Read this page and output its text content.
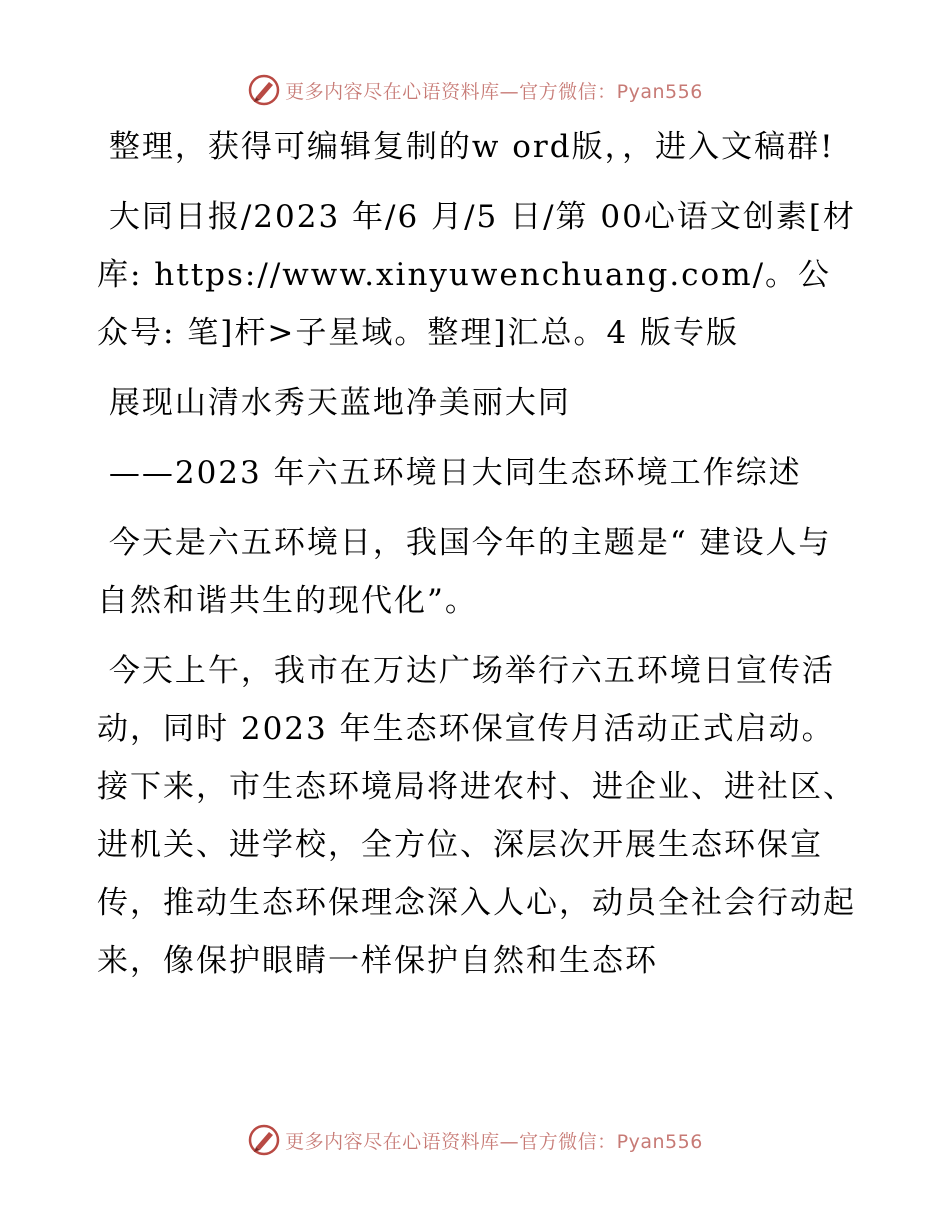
更多内容尽在心语资料库—官方微信：Pyan556

整理，获得可编辑复制的w ord版，，进入文稿群!

大同日报/2023 年/6 月/5 日/第 00心语文创素[材库: https://www.xinyuwenchuang.com/。公众号: 笔]杆>子星域。整理]汇总。4 版专版

展现山清水秀天蓝地净美丽大同

——2023 年六五环境日大同生态环境工作综述

今天是六五环境日，我国今年的主题是“ 建设人与自然和谐共生的现代化”。

今天上午，我市在万达广场举行六五环境日宣传活动，同时 2023 年生态环保宣传月活动正式启动。接下来，市生态环境局将进农村、进企业、进社区、进机关、进学校，全方位、深层次开展生态环保宣传，推动生态环保理念深入人心，动员全社会行动起来，像保护眼睛一样保护自然和生态环

更多内容尽在心语资料库—官方微信：Pyan556
